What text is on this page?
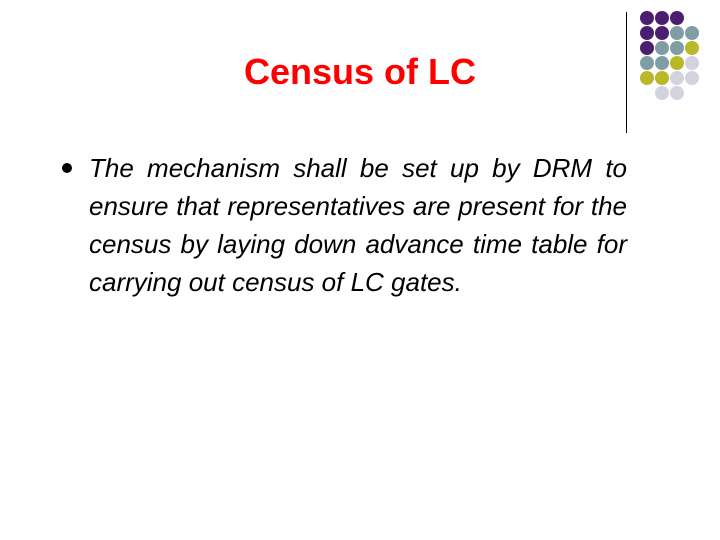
Census of LC

The mechanism shall be set up by DRM to ensure that representatives are present for the census by laying down advance time table for carrying out census of LC gates.
